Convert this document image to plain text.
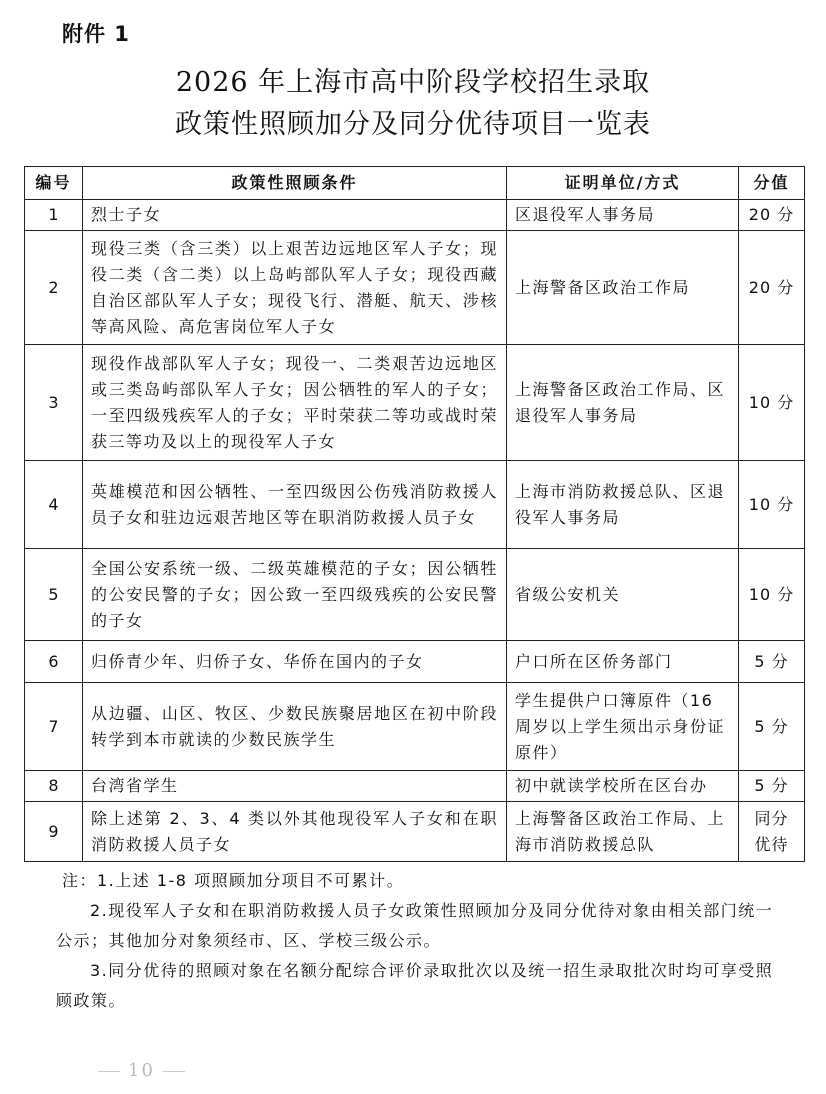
附件 1
2026 年上海市高中阶段学校招生录取
政策性照顾加分及同分优待项目一览表
编号	政策性照顾条件	证明单位/方式	分值
1	烈士子女	区退役军人事务局	20 分
2	现役三类（含三类）以上艰苦边远地区军人子女；现役二类（含二类）以上岛屿部队军人子女；现役西藏自治区部队军人子女；现役飞行、潜艇、航天、涉核等高风险、高危害岗位军人子女	上海警备区政治工作局	20 分
3	现役作战部队军人子女；现役一、二类艰苦边远地区或三类岛屿部队军人子女；因公牺牲的军人的子女；一至四级残疾军人的子女；平时荣获二等功或战时荣获三等功及以上的现役军人子女	上海警备区政治工作局、区退役军人事务局	10 分
4	英雄模范和因公牺牲、一至四级因公伤残消防救援人员子女和驻边远艰苦地区等在职消防救援人员子女	上海市消防救援总队、区退役军人事务局	10 分
5	全国公安系统一级、二级英雄模范的子女；因公牺牲的公安民警的子女；因公致一至四级残疾的公安民警的子女	省级公安机关	10 分
6	归侨青少年、归侨子女、华侨在国内的子女	户口所在区侨务部门	5 分
7	从边疆、山区、牧区、少数民族聚居地区在初中阶段转学到本市就读的少数民族学生	学生提供户口簿原件（16 周岁以上学生须出示身份证原件）	5 分
8	台湾省学生	初中就读学校所在区台办	5 分
9	除上述第 2、3、4 类以外其他现役军人子女和在职消防救援人员子女	上海警备区政治工作局、上海市消防救援总队	同分优待

注：1.上述 1-8 项照顾加分项目不可累计。

2.现役军人子女和在职消防救援人员子女政策性照顾加分及同分优待对象由相关部门统一公示；其他加分对象须经市、区、学校三级公示。

3.同分优待的照顾对象在名额分配综合评价录取批次以及统一招生录取批次时均可享受照顾政策。

10
